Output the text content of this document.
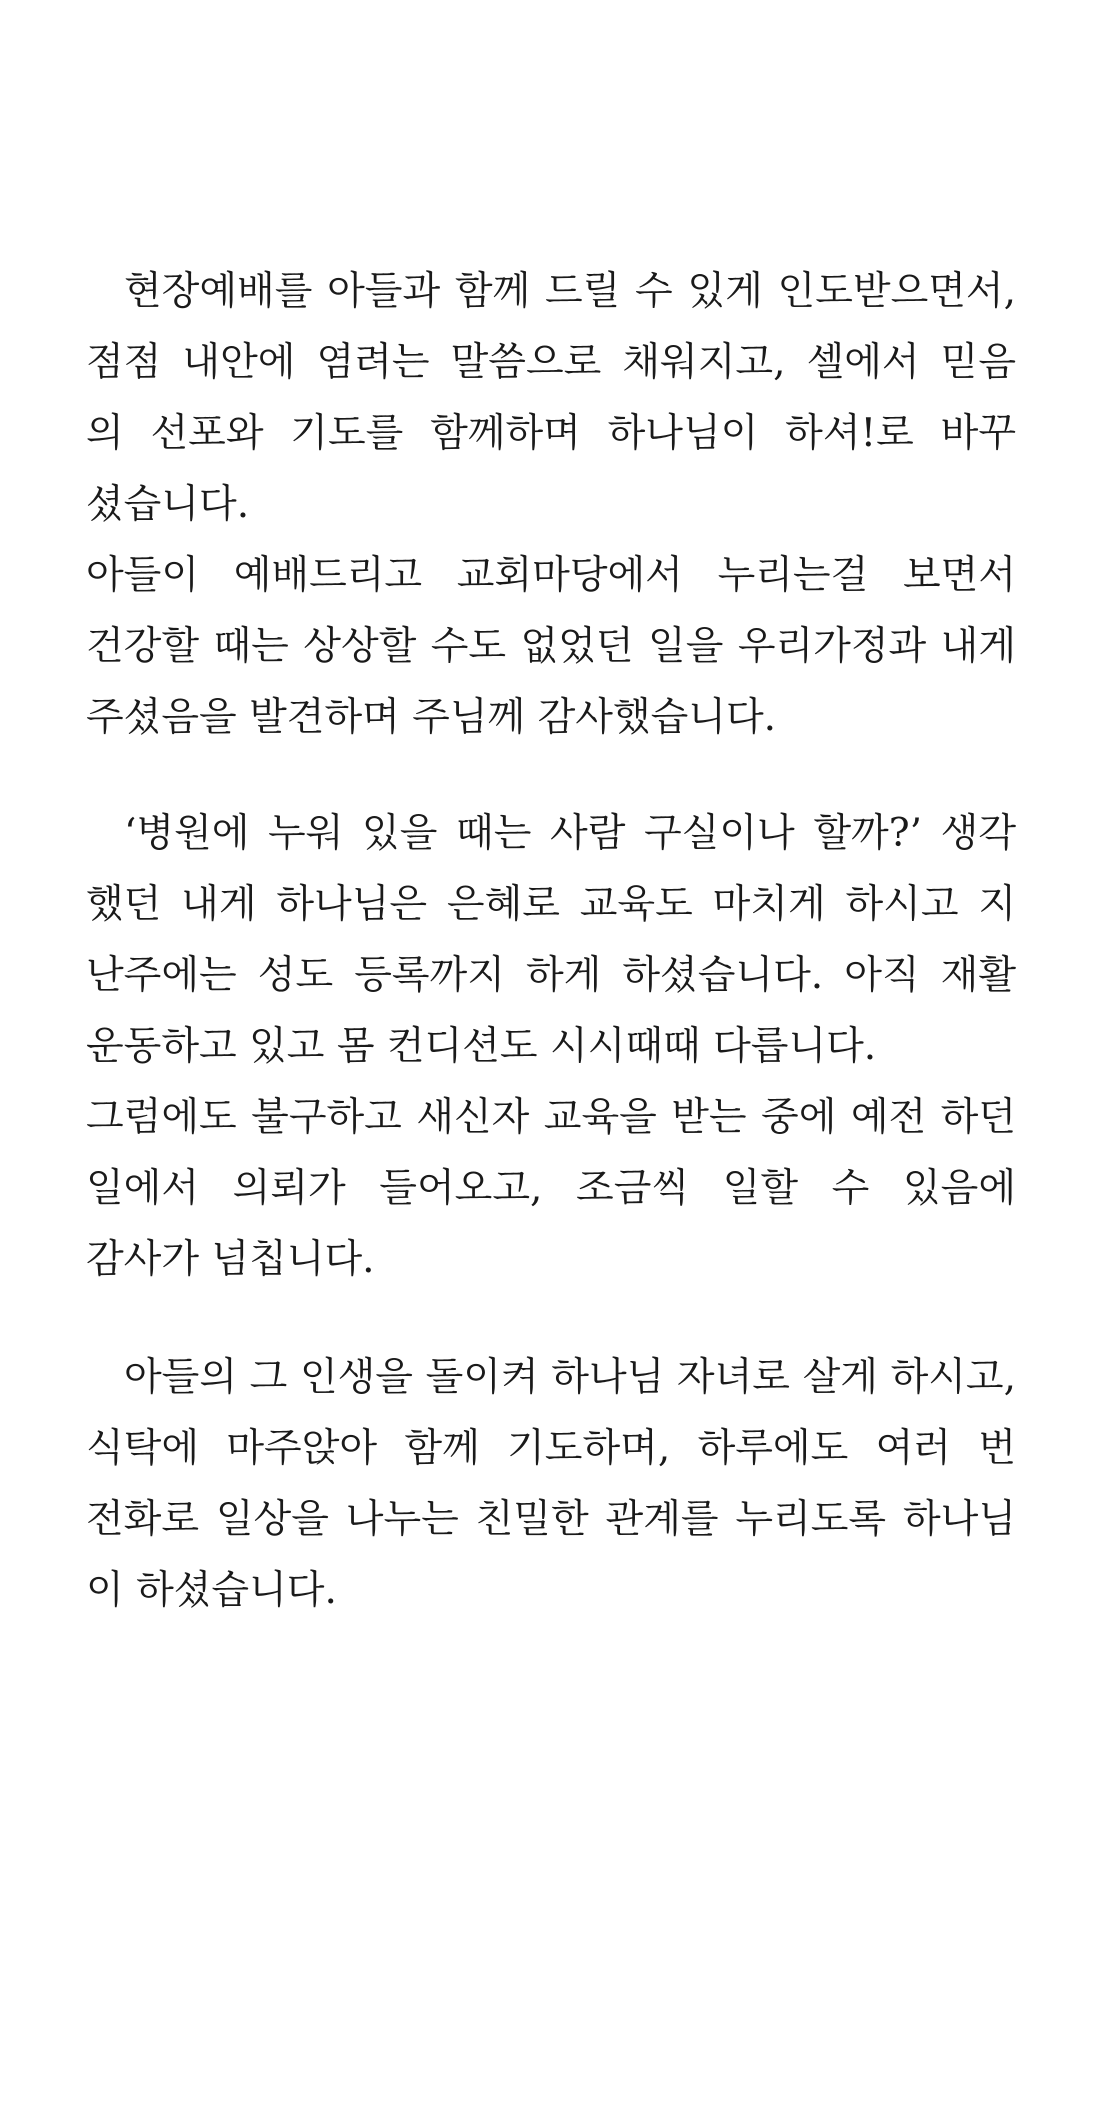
현장예배를 아들과 함께 드릴 수 있게 인도받으면서,
점점 내안에 염려는 말씀으로 채워지고, 셀에서 믿음
의 선포와 기도를 함께하며 하나님이 하셔!로 바꾸
셨습니다.
아들이 예배드리고 교회마당에서 누리는걸 보면서
건강할 때는 상상할 수도 없었던 일을 우리가정과 내게
주셨음을 발견하며 주님께 감사했습니다.
‘병원에 누워 있을 때는 사람 구실이나 할까?’ 생각
했던 내게 하나님은 은혜로 교육도 마치게 하시고 지
난주에는 성도 등록까지 하게 하셨습니다. 아직 재활
운동하고 있고 몸 컨디션도 시시때때 다릅니다.
그럼에도 불구하고 새신자 교육을 받는 중에 예전 하던
일에서 의뢰가 들어오고, 조금씩 일할 수 있음에
감사가 넘칩니다.
아들의 그 인생을 돌이켜 하나님 자녀로 살게 하시고,
식탁에 마주앉아 함께 기도하며, 하루에도 여러 번
전화로 일상을 나누는 친밀한 관계를 누리도록 하나님
이 하셨습니다.
